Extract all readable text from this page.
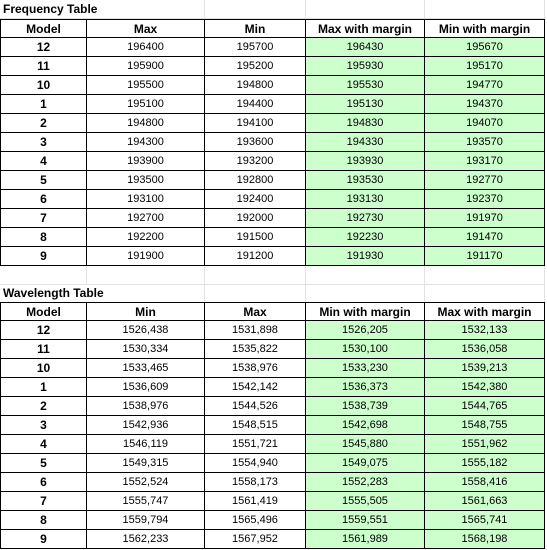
Frequency Table
Model	Max	Min	Max with margin	Min with margin
12	196400	195700	196430	195670
11	195900	195200	195930	195170
10	195500	194800	195530	194770
1	195100	194400	195130	194370
2	194800	194100	194830	194070
3	194300	193600	194330	193570
4	193900	193200	193930	193170
5	193500	192800	193530	192770
6	193100	192400	193130	192370
7	192700	192000	192730	191970
8	192200	191500	192230	191470
9	191900	191200	191930	191170
Wavelength Table
Model	Min	Max	Min with margin	Max with margin
12	1526,438	1531,898	1526,205	1532,133
11	1530,334	1535,822	1530,100	1536,058
10	1533,465	1538,976	1533,230	1539,213
1	1536,609	1542,142	1536,373	1542,380
2	1538,976	1544,526	1538,739	1544,765
3	1542,936	1548,515	1542,698	1548,755
4	1546,119	1551,721	1545,880	1551,962
5	1549,315	1554,940	1549,075	1555,182
6	1552,524	1558,173	1552,283	1558,416
7	1555,747	1561,419	1555,505	1561,663
8	1559,794	1565,496	1559,551	1565,741
9	1562,233	1567,952	1561,989	1568,198
